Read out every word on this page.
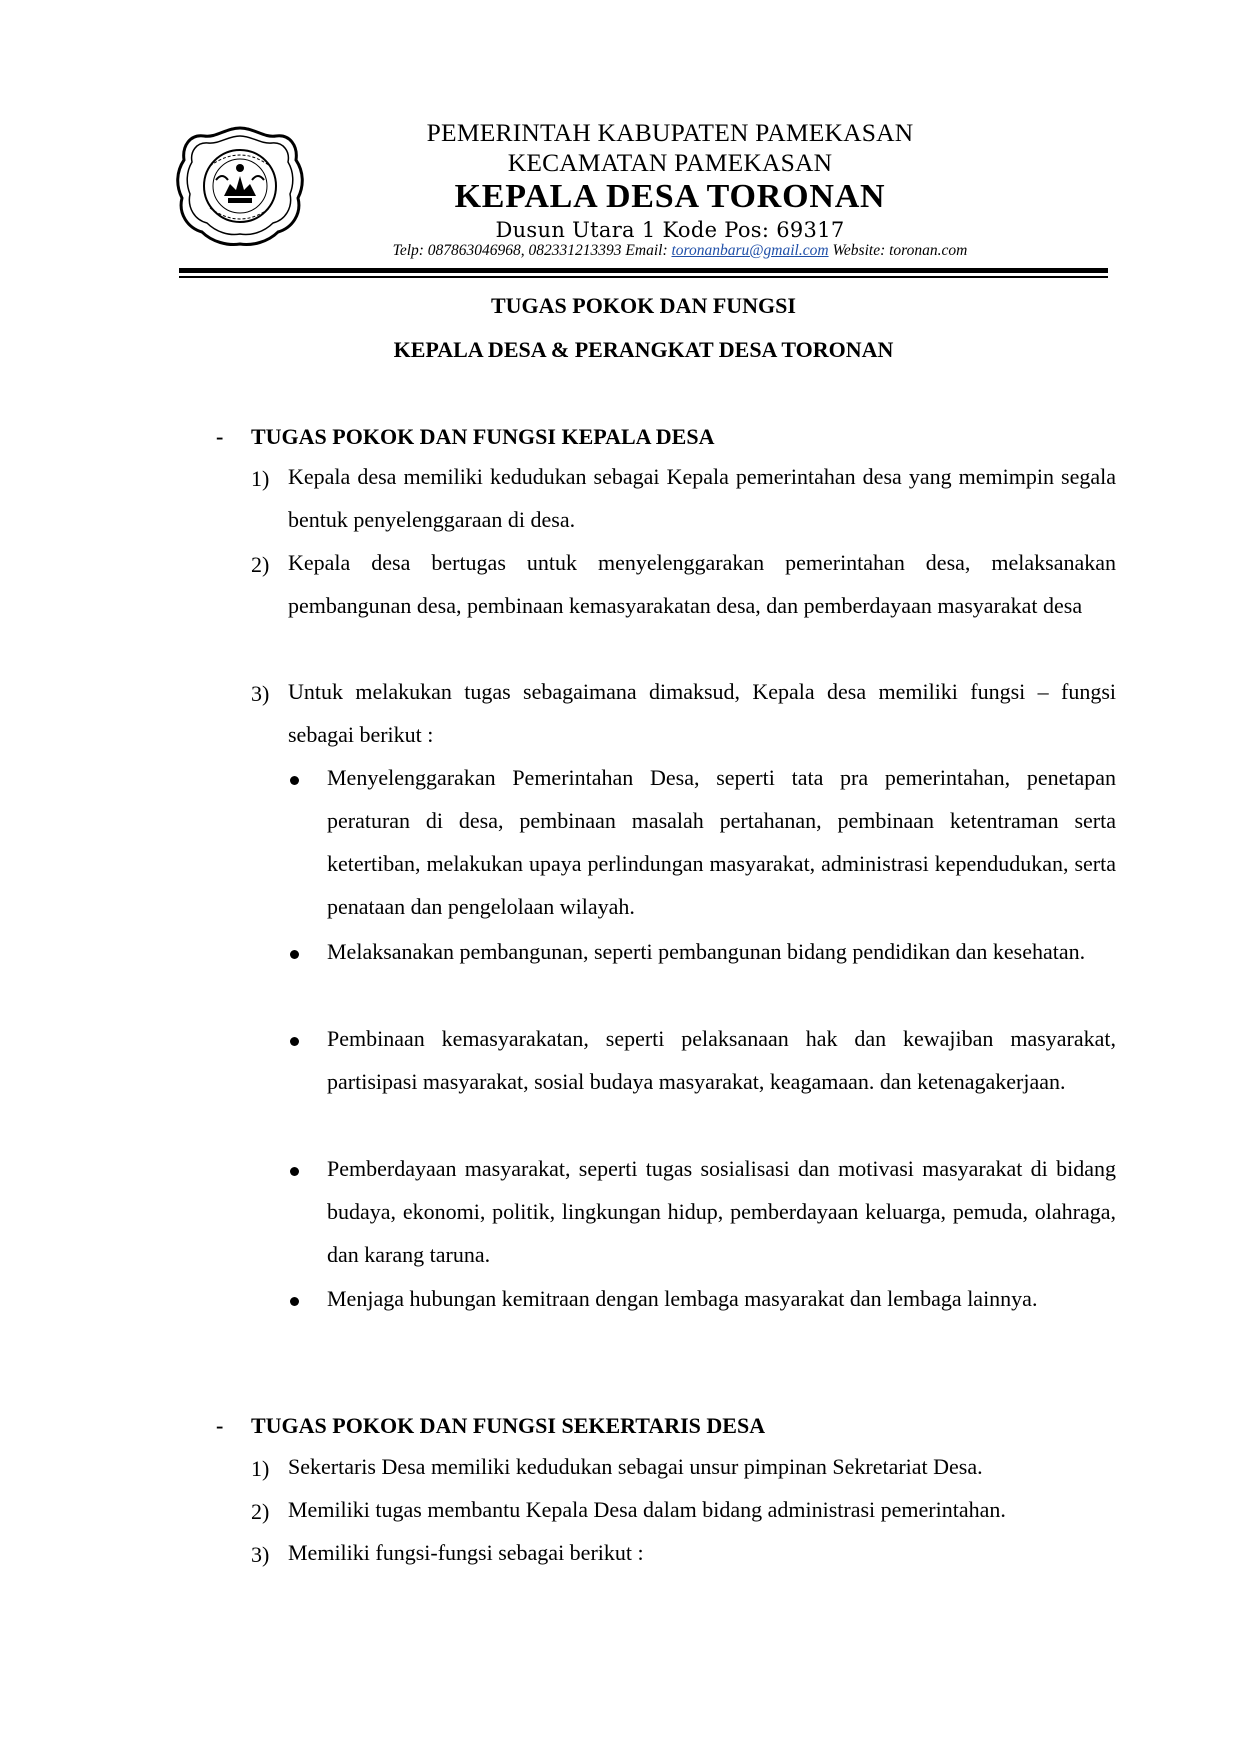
PEMERINTAH KABUPATEN PAMEKASAN
KECAMATAN PAMEKASAN
KEPALA DESA TORONAN
Dusun Utara 1 Kode Pos: 69317
Telp: 087863046968, 082331213393 Email: toronanbaru@gmail.com Website: toronan.com
TUGAS POKOK DAN FUNGSI
KEPALA DESA & PERANGKAT DESA TORONAN
- TUGAS POKOK DAN FUNGSI KEPALA DESA
1) Kepala desa memiliki kedudukan sebagai Kepala pemerintahan desa yang memimpin segala bentuk penyelenggaraan di desa.
2) Kepala desa bertugas untuk menyelenggarakan pemerintahan desa, melaksanakan pembangunan desa, pembinaan kemasyarakatan desa, dan pemberdayaan masyarakat desa
3) Untuk melakukan tugas sebagaimana dimaksud, Kepala desa memiliki fungsi – fungsi sebagai berikut :
Menyelenggarakan Pemerintahan Desa, seperti tata pra pemerintahan, penetapan peraturan di desa, pembinaan masalah pertahanan, pembinaan ketentraman serta ketertiban, melakukan upaya perlindungan masyarakat, administrasi kependudukan, serta penataan dan pengelolaan wilayah.
Melaksanakan pembangunan, seperti pembangunan bidang pendidikan dan kesehatan.
Pembinaan kemasyarakatan, seperti pelaksanaan hak dan kewajiban masyarakat, partisipasi masyarakat, sosial budaya masyarakat, keagamaan. dan ketenagakerjaan.
Pemberdayaan masyarakat, seperti tugas sosialisasi dan motivasi masyarakat di bidang budaya, ekonomi, politik, lingkungan hidup, pemberdayaan keluarga, pemuda, olahraga, dan karang taruna.
Menjaga hubungan kemitraan dengan lembaga masyarakat dan lembaga lainnya.
- TUGAS POKOK DAN FUNGSI SEKERTARIS DESA
1) Sekertaris Desa memiliki kedudukan sebagai unsur pimpinan Sekretariat Desa.
2) Memiliki tugas membantu Kepala Desa dalam bidang administrasi pemerintahan.
3) Memiliki fungsi-fungsi sebagai berikut :
